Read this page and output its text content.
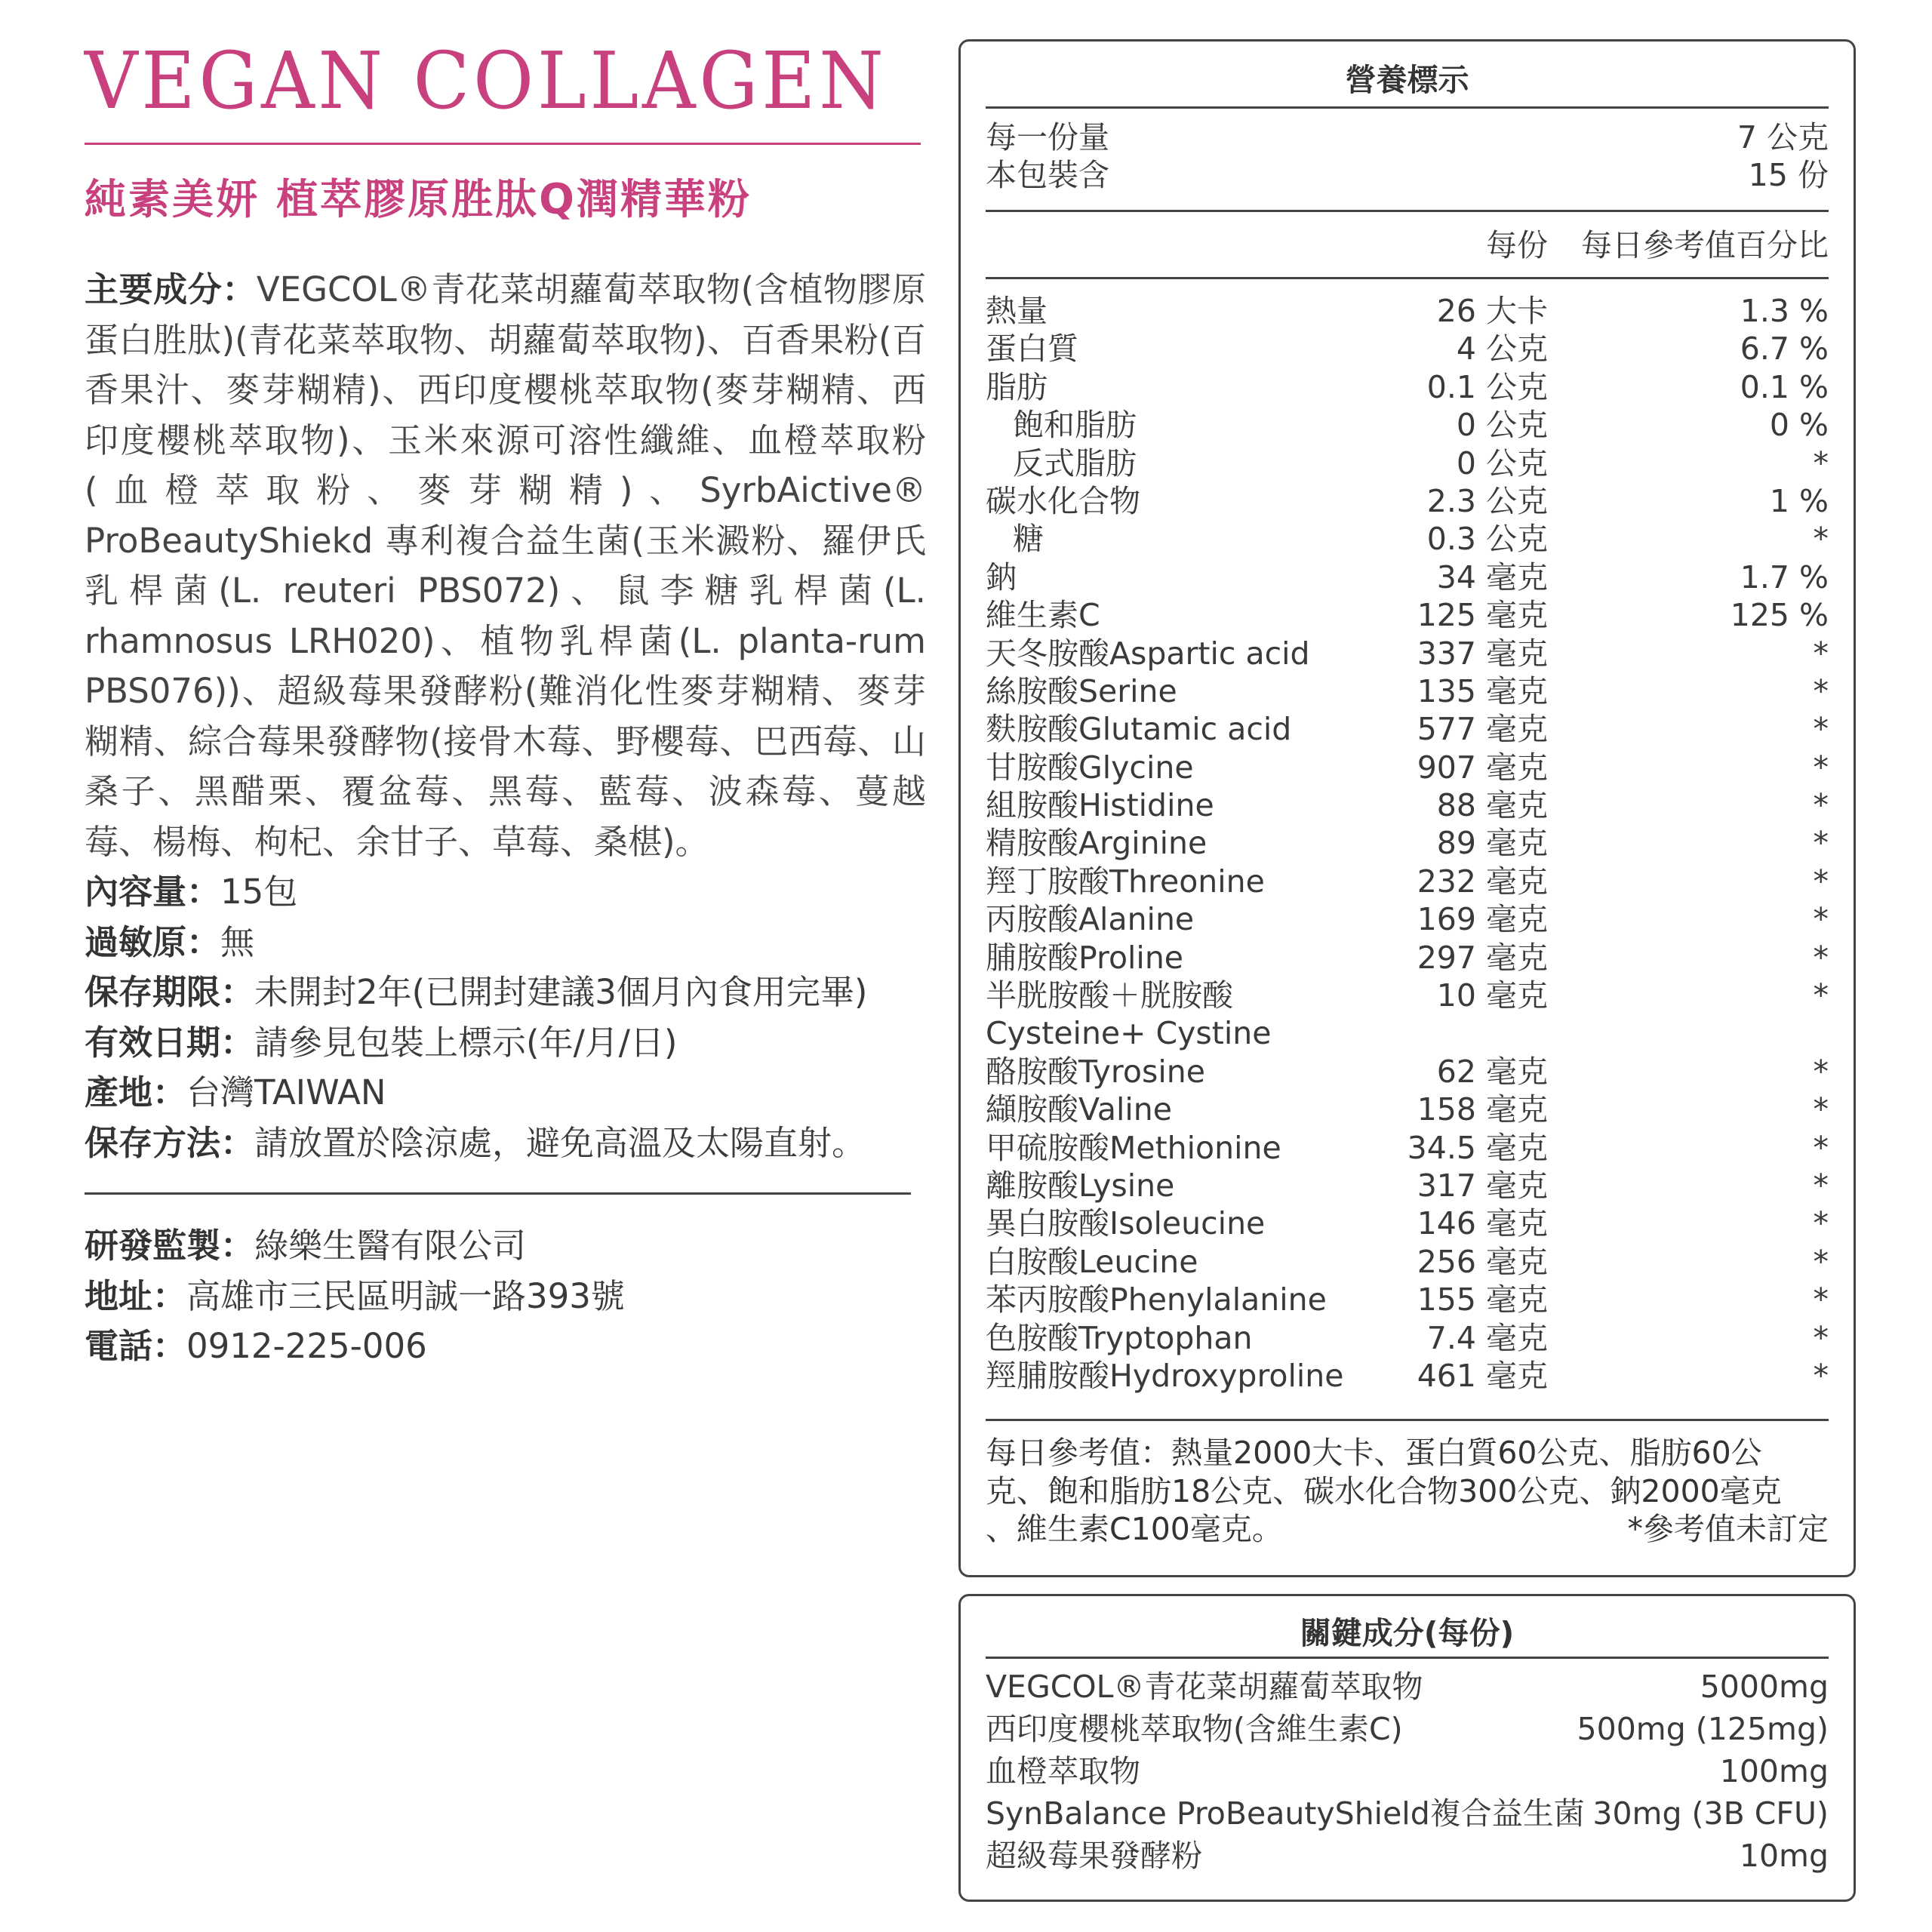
VEGAN COLLAGEN
純素美妍 植萃膠原胜肽Q潤精華粉
主要成分：VEGCOL®青花菜胡蘿蔔萃取物(含植物膠原蛋白胜肽)(青花菜萃取物、胡蘿蔔萃取物)、百香果粉(百香果汁、麥芽糊精)、西印度櫻桃萃取物(麥芽糊精、西印度櫻桃萃取物)、玉米來源可溶性纖維、血橙萃取粉(血橙萃取粉、麥芽糊精)、SyrbAictive® ProBeautyShiekd 專利複合益生菌(玉米澱粉、羅伊氏乳桿菌(L. reuteri PBS072)、鼠李糖乳桿菌(L. rhamnosus LRH020)、植物乳桿菌(L. planta-rum PBS076))、超級莓果發酵粉(難消化性麥芽糊精、麥芽糊精、綜合莓果發酵物(接骨木莓、野櫻莓、巴西莓、山桑子、黑醋栗、覆盆莓、黑莓、藍莓、波森莓、蔓越莓、楊梅、枸杞、余甘子、草莓、桑椹)。
內容量：15包
過敏原：無
保存期限：未開封2年(已開封建議3個月內食用完畢)
有效日期：請參見包裝上標示(年/月/日)
產地：台灣TAIWAN
保存方法：請放置於陰涼處，避免高溫及太陽直射。
研發監製：綠樂生醫有限公司
地址：高雄市三民區明誠一路393號
電話：0912-225-006
營養標示
每一份量	7 公克
本包裝含	15 份
每份 每日參考值百分比
熱量	26 大卡	1.3 %
蛋白質	4 公克	6.7 %
脂肪	0.1 公克	0.1 %
飽和脂肪	0 公克	0 %
反式脂肪	0 公克	*
碳水化合物	2.3 公克	1 %
糖	0.3 公克	*
鈉	34 毫克	1.7 %
維生素C	125 毫克	125 %
天冬胺酸Aspartic acid	337 毫克	*
絲胺酸Serine	135 毫克	*
麩胺酸Glutamic acid	577 毫克	*
甘胺酸Glycine	907 毫克	*
組胺酸Histidine	88 毫克	*
精胺酸Arginine	89 毫克	*
羥丁胺酸Threonine	232 毫克	*
丙胺酸Alanine	169 毫克	*
脯胺酸Proline	297 毫克	*
半胱胺酸＋胱胺酸	10 毫克	*
Cysteine+ Cystine
酪胺酸Tyrosine	62 毫克	*
纈胺酸Valine	158 毫克	*
甲硫胺酸Methionine	34.5 毫克	*
離胺酸Lysine	317 毫克	*
異白胺酸Isoleucine	146 毫克	*
白胺酸Leucine	256 毫克	*
苯丙胺酸Phenylalanine	155 毫克	*
色胺酸Tryptophan	7.4 毫克	*
羥脯胺酸Hydroxyproline 461 毫克	*
每日參考值：熱量2000大卡、蛋白質60公克、脂肪60公
克、飽和脂肪18公克、碳水化合物300公克、鈉2000毫克
、維生素C100毫克。	*參考值未訂定
關鍵成分(每份)
VEGCOL®青花菜胡蘿蔔萃取物	5000mg
西印度櫻桃萃取物(含維生素C)	500mg (125mg)
血橙萃取物	100mg
SynBalance ProBeautyShield複合益生菌 30mg (3B CFU)
超級莓果發酵粉	10mg
